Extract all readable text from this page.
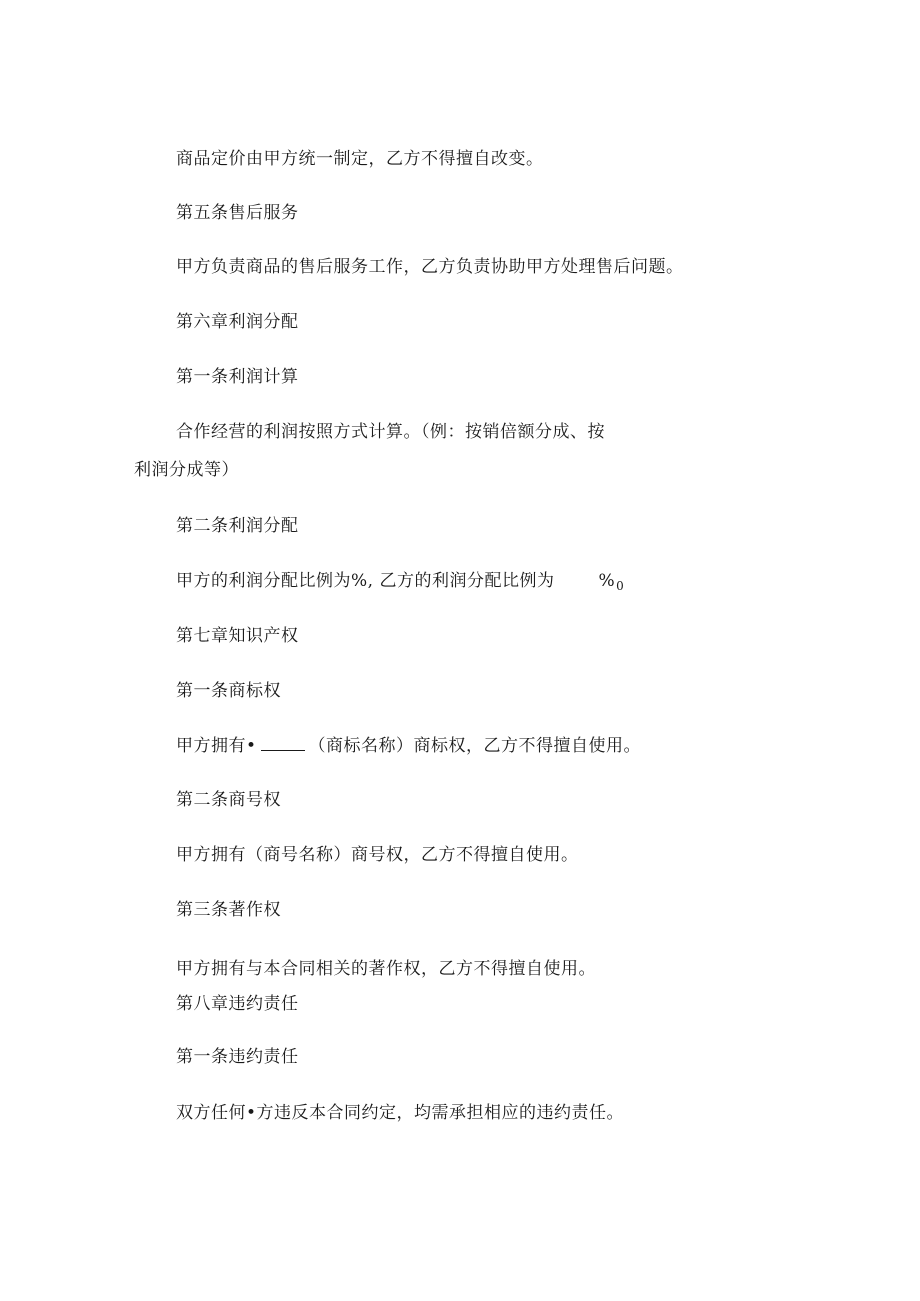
商品定价由甲方统一制定，乙方不得擅自改变。
第五条售后服务
甲方负责商品的售后服务工作，乙方负责协助甲方处理售后问题。
第六章利润分配
第一条利润计算
合作经营的利润按照方式计算。（例：按销倍额分成、按
利润分成等）
第二条利润分配
甲方的利润分配比例为%, 乙方的利润分配比例为	$\%_0$
第七章知识产权
第一条商标权
甲方拥有•	（商标名称）商标权，乙方不得擅自使用。
第二条商号权
甲方拥有（商号名称）商号权，乙方不得擅自使用。
第三条著作权
甲方拥有与本合同相关的著作权，乙方不得擅自使用。
第八章违约责任
第一条违约责任
双方任何•方违反本合同约定，均需承担相应的违约责任。
